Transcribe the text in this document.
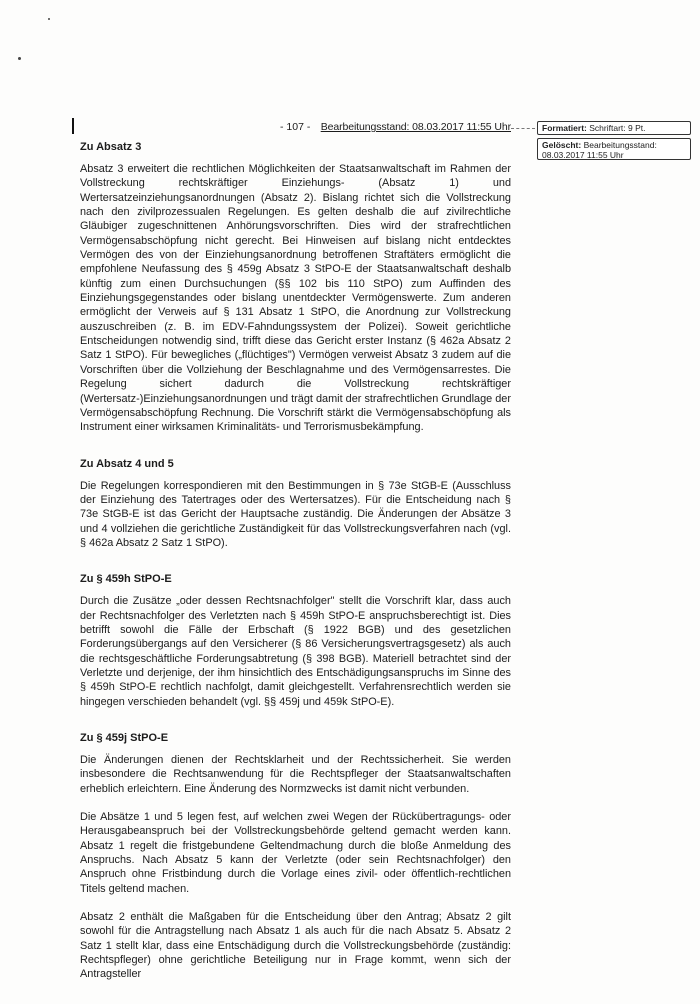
- 107 - Bearbeitungsstand: 08.03.2017 11:55 Uhr	Formatiert: Schriftart: 9 Pt.
Gelöscht: Bearbeitungsstand: 08.03.2017 11:55 Uhr
Zu Absatz 3

Absatz 3 erweitert die rechtlichen Möglichkeiten der Staatsanwaltschaft im Rahmen der Vollstreckung rechtskräftiger Einziehungs- (Absatz 1) und Wertersatzeinziehungsanordnungen (Absatz 2). Bislang richtet sich die Vollstreckung nach den zivilprozessualen Regelungen. Es gelten deshalb die auf zivilrechtliche Gläubiger zugeschnittenen Anhörungsvorschriften. Dies wird der strafrechtlichen Vermögensabschöpfung nicht gerecht. Bei Hinweisen auf bislang nicht entdecktes Vermögen des von der Einziehungsanordnung betroffenen Straftäters ermöglicht die empfohlene Neufassung des § 459g Absatz 3 StPO-E der Staatsanwaltschaft deshalb künftig zum einen Durchsuchungen (§§ 102 bis 110 StPO) zum Auffinden des Einziehungsgegenstandes oder bislang unentdeckter Vermögenswerte. Zum anderen ermöglicht der Verweis auf § 131 Absatz 1 StPO, die Anordnung zur Vollstreckung auszuschreiben (z. B. im EDV-Fahndungssystem der Polizei). Soweit gerichtliche Entscheidungen notwendig sind, trifft diese das Gericht erster Instanz (§ 462a Absatz 2 Satz 1 StPO). Für bewegliches („flüchtiges") Vermögen verweist Absatz 3 zudem auf die Vorschriften über die Vollziehung der Beschlagnahme und des Vermögensarrestes. Die Regelung sichert dadurch die Vollstreckung rechtskräftiger (Wertersatz-)Einziehungsanordnungen und trägt damit der strafrechtlichen Grundlage der Vermögensabschöpfung Rechnung. Die Vorschrift stärkt die Vermögensabschöpfung als Instrument einer wirksamen Kriminalitäts- und Terrorismusbekämpfung.

Zu Absatz 4 und 5

Die Regelungen korrespondieren mit den Bestimmungen in § 73e StGB-E (Ausschluss der Einziehung des Tatertrages oder des Wertersatzes). Für die Entscheidung nach § 73e StGB-E ist das Gericht der Hauptsache zuständig. Die Änderungen der Absätze 3 und 4 vollziehen die gerichtliche Zuständigkeit für das Vollstreckungsverfahren nach (vgl. § 462a Absatz 2 Satz 1 StPO).

Zu § 459h StPO-E

Durch die Zusätze „oder dessen Rechtsnachfolger" stellt die Vorschrift klar, dass auch der Rechtsnachfolger des Verletzten nach § 459h StPO-E anspruchsberechtigt ist. Dies betrifft sowohl die Fälle der Erbschaft (§ 1922 BGB) und des gesetzlichen Forderungsübergangs auf den Versicherer (§ 86 Versicherungsvertragsgesetz) als auch die rechtsgeschäftliche Forderungsabtretung (§ 398 BGB). Materiell betrachtet sind der Verletzte und derjenige, der ihm hinsichtlich des Entschädigungsanspruchs im Sinne des § 459h StPO-E rechtlich nachfolgt, damit gleichgestellt. Verfahrensrechtlich werden sie hingegen verschieden behandelt (vgl. §§ 459j und 459k StPO-E).

Zu § 459j StPO-E

Die Änderungen dienen der Rechtsklarheit und der Rechtssicherheit. Sie werden insbesondere die Rechtsanwendung für die Rechtspfleger der Staatsanwaltschaften erheblich erleichtern. Eine Änderung des Normzwecks ist damit nicht verbunden.

Die Absätze 1 und 5 legen fest, auf welchen zwei Wegen der Rückübertragungs- oder Herausgabeanspruch bei der Vollstreckungsbehörde geltend gemacht werden kann. Absatz 1 regelt die fristgebundene Geltendmachung durch die bloße Anmeldung des Anspruchs. Nach Absatz 5 kann der Verletzte (oder sein Rechtsnachfolger) den Anspruch ohne Fristbindung durch die Vorlage eines zivil- oder öffentlich-rechtlichen Titels geltend machen.

Absatz 2 enthält die Maßgaben für die Entscheidung über den Antrag; Absatz 2 gilt sowohl für die Antragstellung nach Absatz 1 als auch für die nach Absatz 5. Absatz 2 Satz 1 stellt klar, dass eine Entschädigung durch die Vollstreckungsbehörde (zuständig: Rechtspfleger) ohne gerichtliche Beteiligung nur in Frage kommt, wenn sich der Antragsteller
